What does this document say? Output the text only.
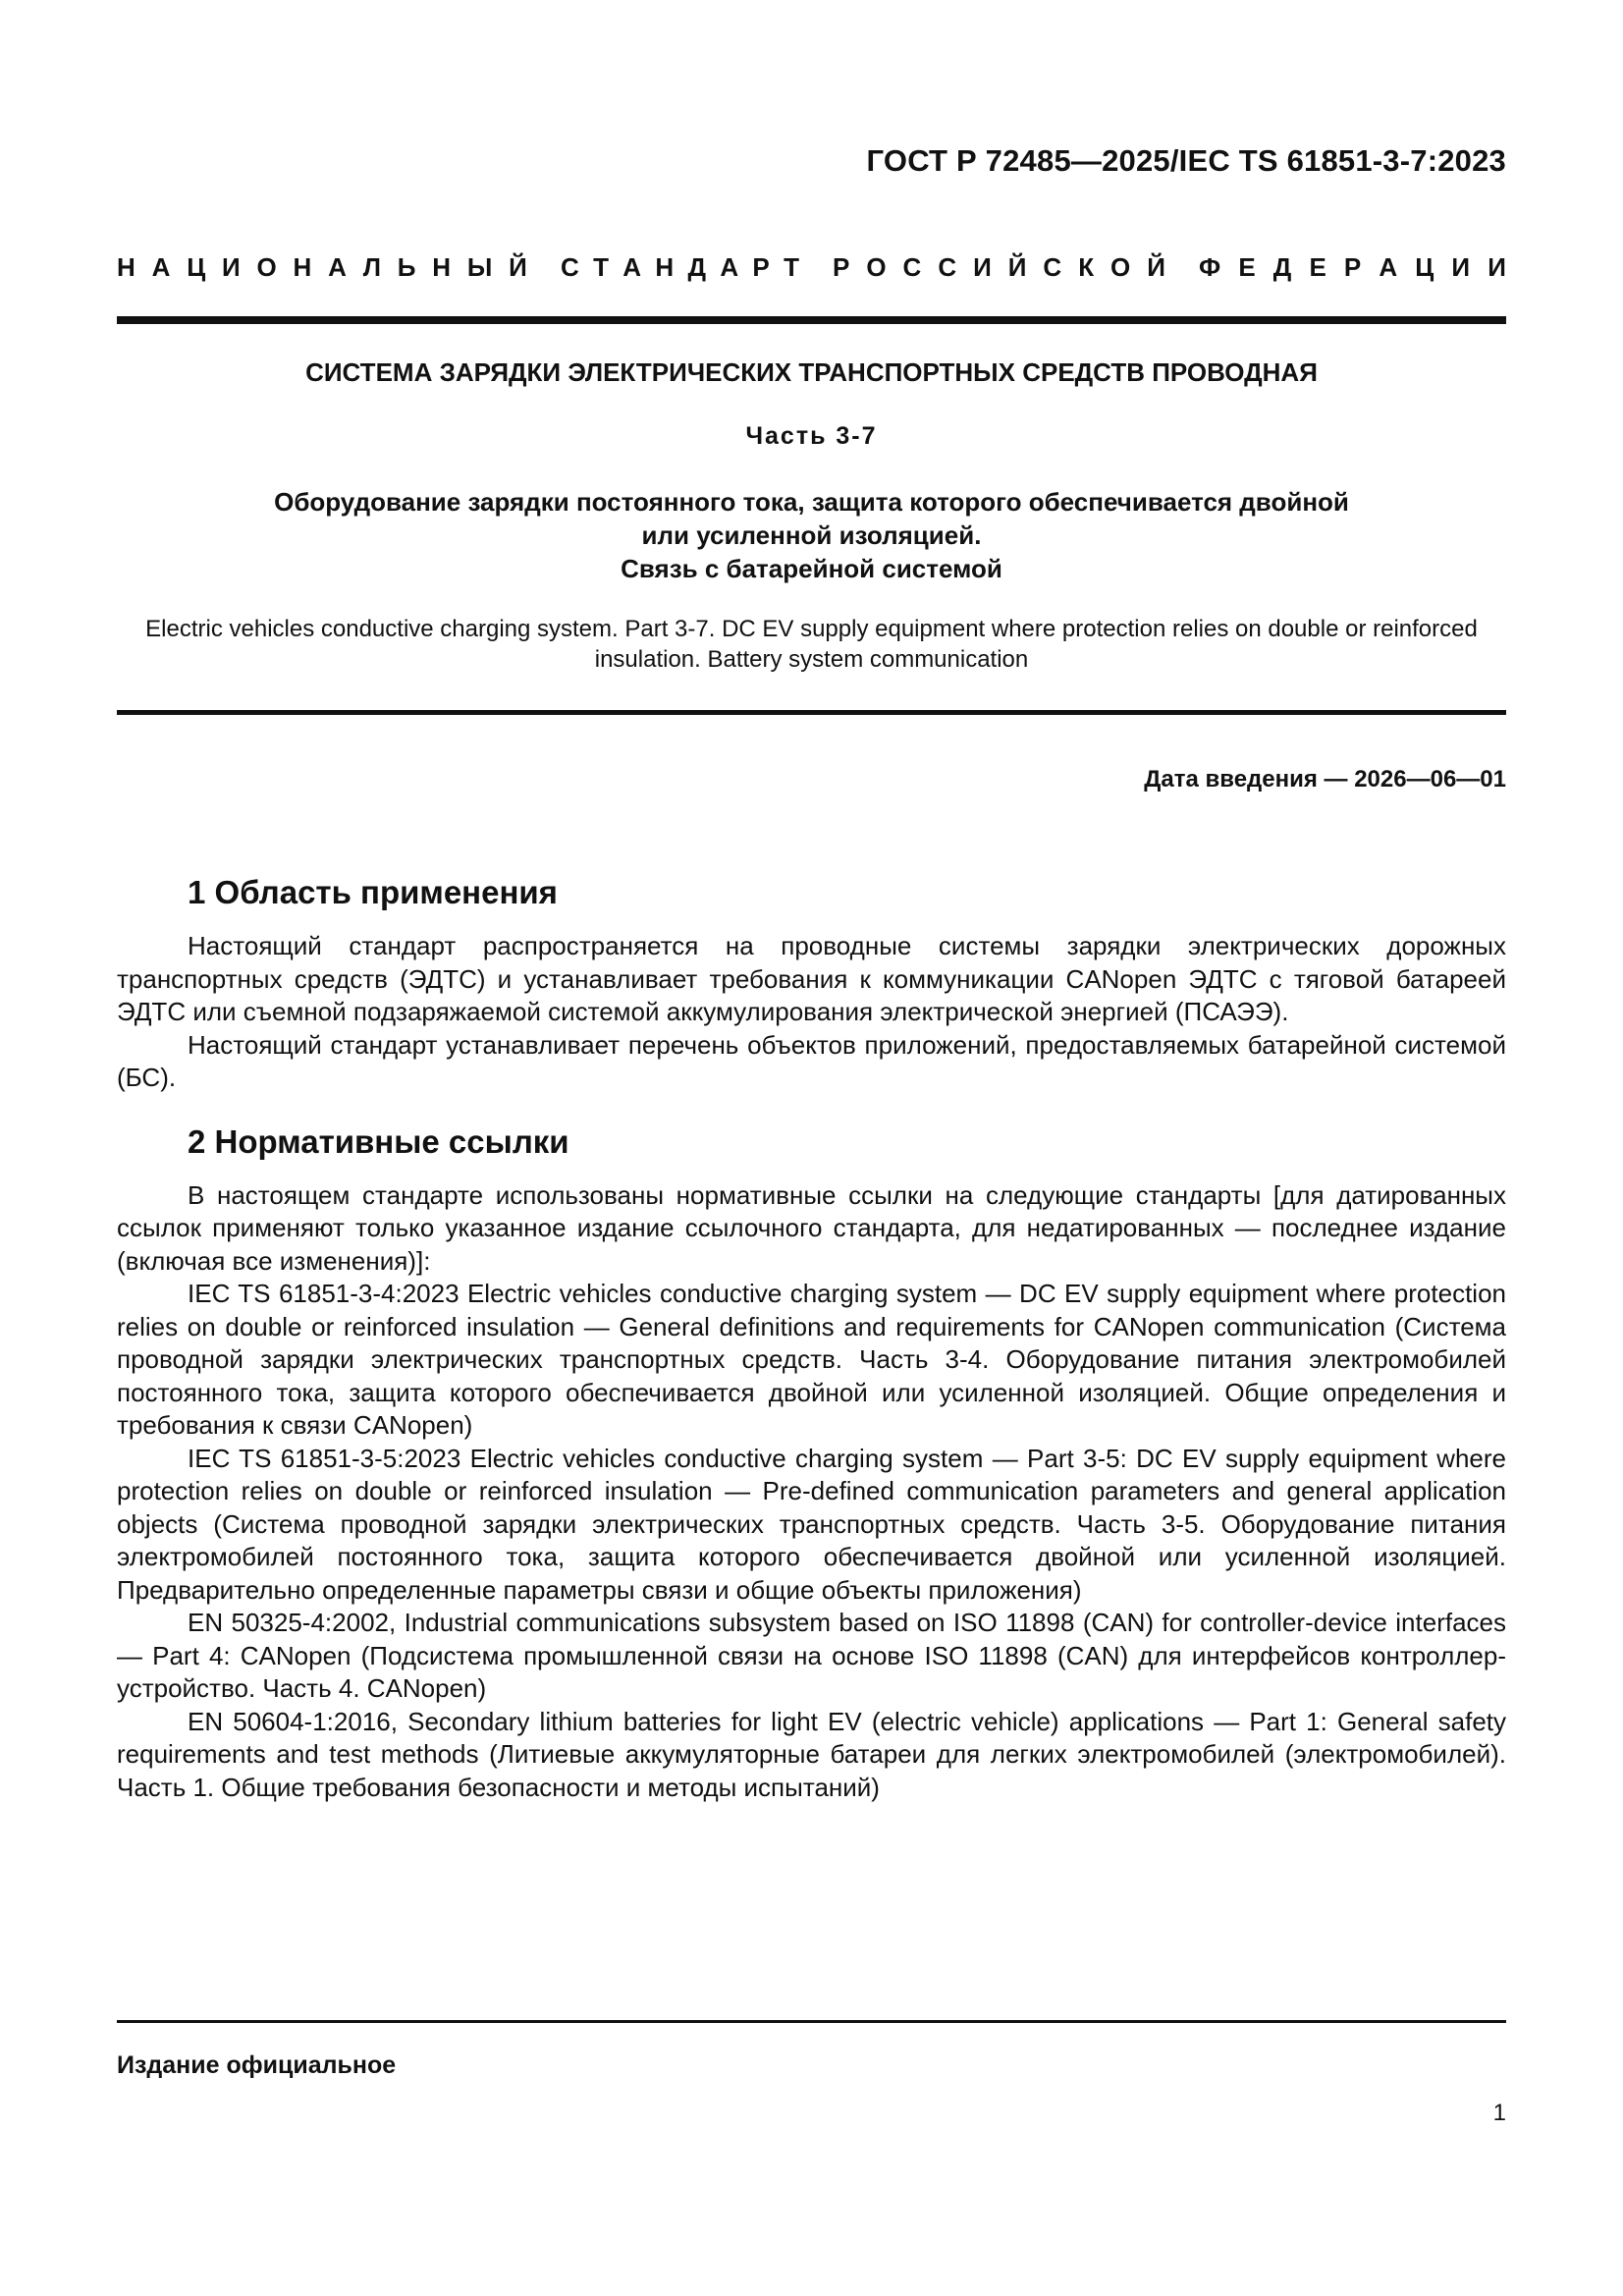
ГОСТ Р 72485—2025/IEC TS 61851-3-7:2023
Н А Ц И О Н А Л Ь Н Ы Й С Т А Н Д А Р Т Р О С С И Й С К О Й Ф Е Д Е Р А Ц И И
СИСТЕМА ЗАРЯДКИ ЭЛЕКТРИЧЕСКИХ ТРАНСПОРТНЫХ СРЕДСТВ ПРОВОДНАЯ
Часть 3-7
Оборудование зарядки постоянного тока, защита которого обеспечивается двойной
или усиленной изоляцией.
Связь с батарейной системой
Electric vehicles conductive charging system. Part 3-7. DC EV supply equipment where protection relies on double or reinforced insulation. Battery system communication
Дата введения — 2026—06—01
1 Область применения

Настоящий стандарт распространяется на проводные системы зарядки электрических дорожных транспортных средств (ЭДТС) и устанавливает требования к коммуникации CANopen ЭДТС с тяговой батареей ЭДТС или съемной подзаряжаемой системой аккумулирования электрической энергией (ПСАЭЭ).

Настоящий стандарт устанавливает перечень объектов приложений, предоставляемых батарейной системой (БС).

2 Нормативные ссылки

В настоящем стандарте использованы нормативные ссылки на следующие стандарты [для датированных ссылок применяют только указанное издание ссылочного стандарта, для недатированных — последнее издание (включая все изменения)]:

IEC TS 61851-3-4:2023 Electric vehicles conductive charging system — DC EV supply equipment where protection relies on double or reinforced insulation — General definitions and requirements for CANopen communication (Система проводной зарядки электрических транспортных средств. Часть 3-4. Оборудование питания электромобилей постоянного тока, защита которого обеспечивается двойной или усиленной изоляцией. Общие определения и требования к связи CANopen)

IEC TS 61851-3-5:2023 Electric vehicles conductive charging system — Part 3-5: DC EV supply equipment where protection relies on double or reinforced insulation — Pre-defined communication parameters and general application objects (Система проводной зарядки электрических транспортных средств. Часть 3-5. Оборудование питания электромобилей постоянного тока, защита которого обеспечивается двойной или усиленной изоляцией. Предварительно определенные параметры связи и общие объекты приложения)

EN 50325-4:2002, Industrial communications subsystem based on ISO 11898 (CAN) for controller-device interfaces — Part 4: CANopen (Подсистема промышленной связи на основе ISO 11898 (CAN) для интерфейсов контроллер-устройство. Часть 4. CANopen)

EN 50604-1:2016, Secondary lithium batteries for light EV (electric vehicle) applications — Part 1: General safety requirements and test methods (Литиевые аккумуляторные батареи для легких электромобилей (электромобилей). Часть 1. Общие требования безопасности и методы испытаний)

Издание официальное
1
